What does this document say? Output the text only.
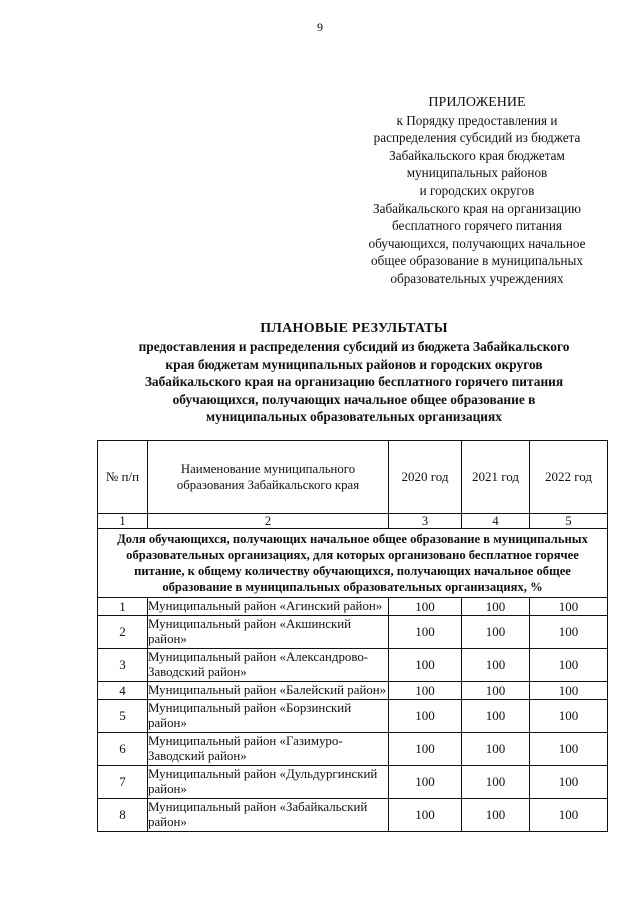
9
ПРИЛОЖЕНИЕ
к Порядку предоставления и
распределения субсидий из бюджета
Забайкальского края бюджетам
муниципальных районов
и городских округов
Забайкальского края на организацию
бесплатного горячего питания
обучающихся, получающих начальное
общее образование в муниципальных
образовательных учреждениях
ПЛАНОВЫЕ РЕЗУЛЬТАТЫ
предоставления и распределения субсидий из бюджета Забайкальского
края бюджетам муниципальных районов и городских округов
Забайкальского края на организацию бесплатного горячего питания
обучающихся, получающих начальное общее образование в
муниципальных образовательных организациях
№ п/п	Наименование муниципального
образования Забайкальского края	2020 год	2021 год	2022 год
1	2	3	4	5

Доля обучающихся, получающих начальное общее образование в муниципальных
образовательных организациях, для которых организовано бесплатное горячее
питание, к общему количеству обучающихся, получающих начальное общее
образование в муниципальных образовательных организациях, %				

1	Муниципальный район «Агинский район»	100	100	100
2	Муниципальный район «Акшинский
район»	100	100	100
3	Муниципальный район «Александрово-
Заводский район»	100	100	100
4	Муниципальный район «Балейский район»	100	100	100
5	Муниципальный район «Борзинский
район»	100	100	100
6	Муниципальный район «Газимуро-
Заводский район»	100	100	100
7	Муниципальный район «Дульдургинский
район»	100	100	100
8	Муниципальный район «Забайкальский
район»	100	100	100
